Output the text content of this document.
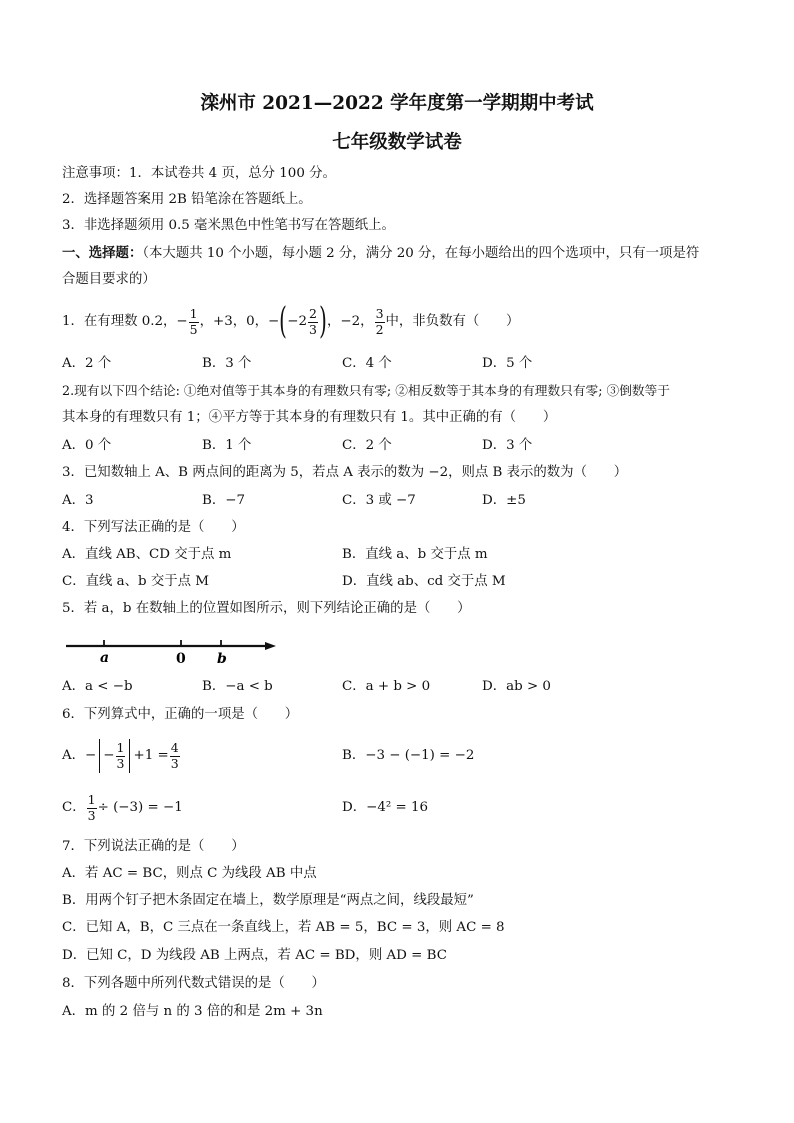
滦州市 2021—2022 学年度第一学期期中考试
七年级数学试卷
注意事项：1．本试卷共 4 页，总分 100 分。
2．选择题答案用 2B 铅笔涂在答题纸上。
3．非选择题须用 0.5 毫米黑色中性笔书写在答题纸上。
一、选择题：（本大题共 10 个小题，每小题 2 分，满分 20 分，在每小题给出的四个选项中，只有一项是符
合题目要求的）
1．在有理数 0.2，− $\frac{1}{5}$ ，+3，0，− ( $-2 \frac{2}{3}$ ) ，−2， $\frac{3}{2}$ 中，非负数有（　　）
A．2 个	B．3 个	C．4 个	D．5 个
2.现有以下四个结论: ①绝对值等于其本身的有理数只有零; ②相反数等于其本身的有理数只有零; ③倒数等于
其本身的有理数只有 1；④平方等于其本身的有理数只有 1。其中正确的有（　　）
A．0 个	B．1 个	C．2 个	D．3 个
3．已知数轴上 A、B 两点间的距离为 5，若点 A 表示的数为 −2，则点 B 表示的数为（　　）
A．3	B．−7	C．3 或 −7	D．±5
4．下列写法正确的是（　　）
A．直线 AB、CD 交于点 m	B．直线 a、b 交于点 m
C．直线 a、b 交于点 M	D．直线 ab、cd 交于点 M
5．若 a，b 在数轴上的位置如图所示，则下列结论正确的是（　　）
a	0 b
A．a < −b	B．−a < b	C．a + b > 0	D．ab > 0
6．下列算式中，正确的一项是（　　）
A．− − $\frac{1}{3} +1 = \frac{4}{3}$	B．−3 − (−1) = −2
C． $\frac{1}{3} \div (-3) = -1$	D．−4² = 16
7．下列说法正确的是（　　）
A．若 AC = BC，则点 C 为线段 AB 中点
B．用两个钉子把木条固定在墙上，数学原理是“两点之间，线段最短”
C．已知 A，B，C 三点在一条直线上，若 AB = 5，BC = 3，则 AC = 8
D．已知 C，D 为线段 AB 上两点，若 AC = BD，则 AD = BC
8．下列各题中所列代数式错误的是（　　）
A．m 的 2 倍与 n 的 3 倍的和是 2m + 3n
